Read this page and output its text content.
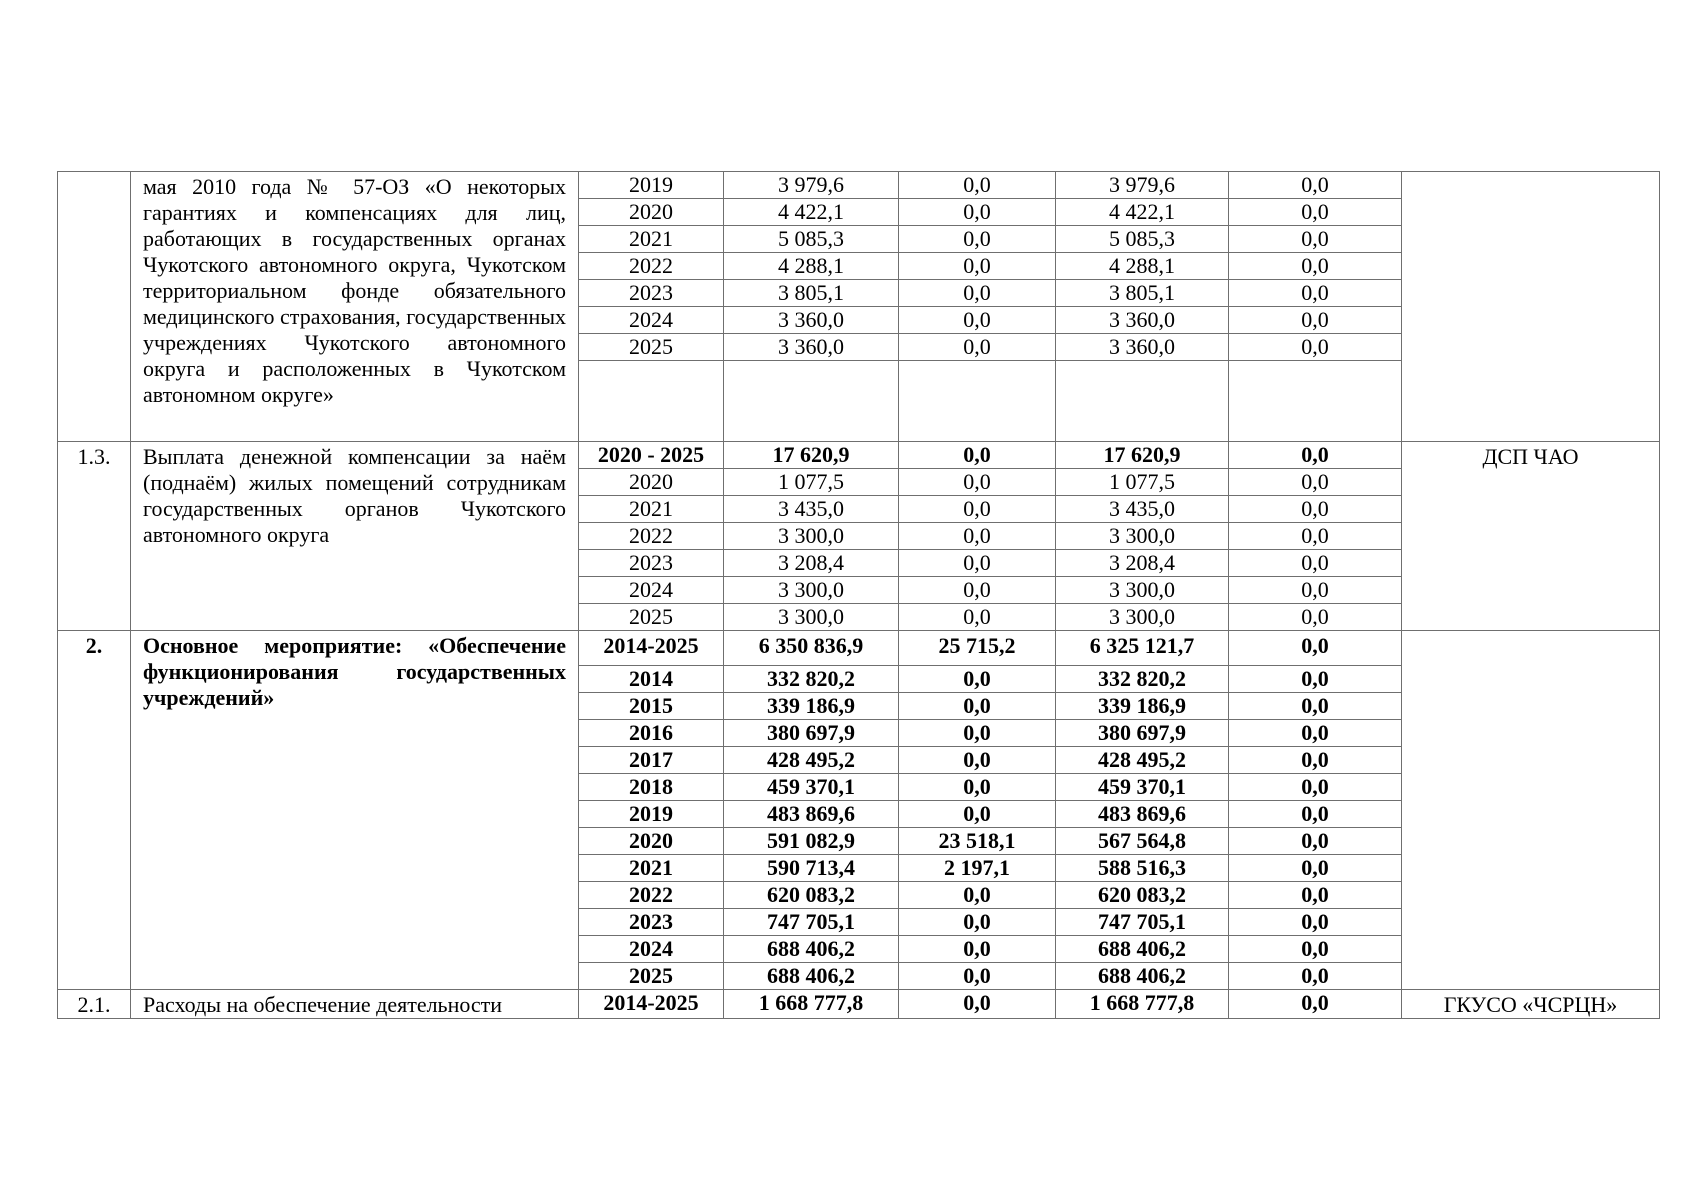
	мая 2010 года № 57-ОЗ «О некоторых гарантиях и компенсациях для лиц, работающих в государственных органах Чукотского автономного округа, Чукотском территориальном фонде обязательного медицинского страхования, государственных учреждениях Чукотского автономного округа и расположенных в Чукотском автономном округе»	2019	3 979,6	0,0	3 979,6	0,0	
		2020	4 422,1	0,0	4 422,1	0,0	
		2021	5 085,3	0,0	5 085,3	0,0	
		2022	4 288,1	0,0	4 288,1	0,0	
		2023	3 805,1	0,0	3 805,1	0,0	
		2024	3 360,0	0,0	3 360,0	0,0	
		2025	3 360,0	0,0	3 360,0	0,0	

1.3.	Выплата денежной компенсации за наём (поднаём) жилых помещений сотрудникам государственных органов Чукотского автономного округа	2020 - 2025	17 620,9	0,0	17 620,9	0,0	ДСП ЧАО
		2020	1 077,5	0,0	1 077,5	0,0	
		2021	3 435,0	0,0	3 435,0	0,0	
		2022	3 300,0	0,0	3 300,0	0,0	
		2023	3 208,4	0,0	3 208,4	0,0	
		2024	3 300,0	0,0	3 300,0	0,0	
		2025	3 300,0	0,0	3 300,0	0,0	
2.	Основное мероприятие: «Обеспечение функционирования государственных учреждений»	2014-2025	6 350 836,9	25 715,2	6 325 121,7	0,0	
		2014	332 820,2	0,0	332 820,2	0,0	
		2015	339 186,9	0,0	339 186,9	0,0	
		2016	380 697,9	0,0	380 697,9	0,0	
		2017	428 495,2	0,0	428 495,2	0,0	
		2018	459 370,1	0,0	459 370,1	0,0	
		2019	483 869,6	0,0	483 869,6	0,0	
		2020	591 082,9	23 518,1	567 564,8	0,0	
		2021	590 713,4	2 197,1	588 516,3	0,0	
		2022	620 083,2	0,0	620 083,2	0,0	
		2023	747 705,1	0,0	747 705,1	0,0	
		2024	688 406,2	0,0	688 406,2	0,0	
		2025	688 406,2	0,0	688 406,2	0,0	
2.1.	Расходы на обеспечение деятельности	2014-2025	1 668 777,8	0,0	1 668 777,8	0,0	ГКУСО «ЧСРЦН»
